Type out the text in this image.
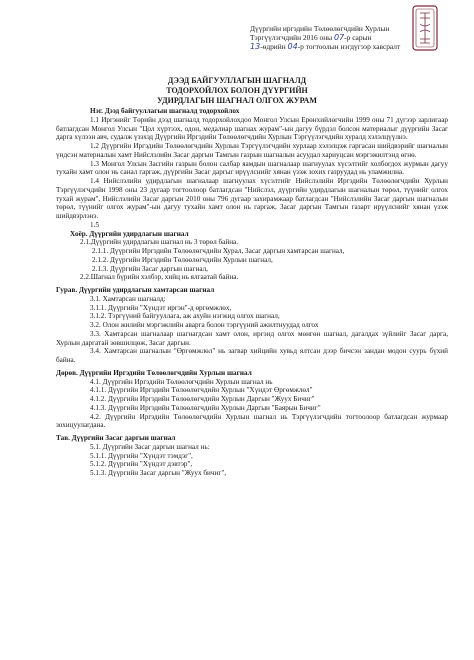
Дүүргийн иргэдийн Төлөөлөгчдийн Хурлын
Тэргүүлэгчдийн 2016 оны 07-р сарын
13-өдрийн 04-р тогтоолын нэгдүгээр хавсралт
ДЭЭД БАЙГУУЛЛАГЫН ШАГНАЛД
ТОДОРХОЙЛОХ БОЛОН ДҮҮРГИЙН
УДИРДЛАГЫН ШАГНАЛ ОЛГОХ ЖУРАМ

Нэг. Дээд байгууллагын шагналд тодорхойлох

1.1 Иргэнийг Төрийн дээд шагналд тодорхойлохдоо Монгол Улсын Ерөнхийлөгчийн 1999 оны 71 дүгээр зарлигаар батлагдсан Монгол Улсын "Цол хүртээх, одон, медалиар шагнах журам"-ын дагуу бүрдэл болсон материалыг дүүргийн Засаг дарга хүлээн авч, судалж үзэхэд Дүүргийн Иргэдийн Төлөөлөгчдийн Хурлын Тэргүүлэгчдийн хуралд хэлэлцүүлнэ.

1.2 Дүүргийн Иргэдийн Төлөөлөгчдийн Хурлын Тэргүүлэгчдийн хурлаар хэлэлцэж гаргасан шийдвэрийг шагналын үндсэн материалын хамт Нийслэлийн Засаг даргын Тамгын газрын шагналын асуудал хариуцсан мэргэжилтэнд өгнө.

1.3 Монгол Улсын Засгийн газрын болон салбар яамдын шагналаар шагнуулах хүсэлтийг холбогдох журмын дагуу тухайн хамт олон нь санал гаргаж, дүүргийн Засаг даргыг ирүүлснийг хянан үзэж зохих газруудад нь уламжилна.

1.4 Нийслэлийн удирдлагын шагналаар шагнуулах хүсэлтийг Нийслэлийн Иргэдийн Төлөөлөгчдийн Хурлын Тэргүүлэгчдийн 1998 оны 23 дугаар тогтоолоор батлагдсан "Нийслэл, дүүргийн удирдлагын шагналын төрөл, түүнийг олгох тухай журам", Нийслэлийн Засаг даргын 2010 оны 796 дугаар захирамжаар батлагдсан "Нийслэлийн Засаг даргын шагналын төрөл, түүнийг олгох журам"-ын дагуу тухайн хамт олон нь гаргаж, Засаг даргын Тамгын газарт ирүүлснийг хянан үзэж шийдвэрлэнэ.

1.5

Хоёр. Дүүргийн удирдлагын шагнал

2.1.Дүүргийн удирдлагын шагнал нь 3 төрөл байна.

2.1.1. Дүүргийн Иргэдийн Төлөөлөгчдийн Хурал, Засаг даргын хамтарсан шагнал,

2.1.2. Дүүргийн Иргэдийн Төлөөлөгчдийн Хурлын шагнал,

2.1.3. Дүүргийн Засаг даргын шагнал,

2.2.Шагнал бүрийн хэлбэр, хийц нь ялгаатай байна.

Гурав. Дүүргийн удирдлагын хамтарсан шагнал

3.1. Хамтарсан шагналд:

3.1.1. Дүүргийн "Хүндэт иргэн"-д өргөмжлөх,

3.1.2. Тэргүүний байгууллага, аж ахуйн нэгжид олгох шагнал,

3.2. Олон жилийн мэргэжлийн аварга болон тэргүүний ажилтнуудад олгох

3.3. Хамтарсан шагналаар шагнагдсан хамт олон, иргэнд олгох мөнгөн шагнал, дагалдах зүйлийг Засаг дарга, Хурлын даргатай зөвшилцөж, Засаг даргын.

3.4. Хамтарсан шагналын "Өргөмжлөл" нь загвар хийцийн хувьд ялтсан дээр бичсэн зандан модон суурь бүхий байна.

Дөрөв. Дүүргийн Иргэдийн Төлөөлөгчдийн Хурлын шагнал

4.1. Дүүргийн Иргэдийн Төлөөлөгчдийн Хурлын шагнал нь

4.1.1. Дүүргийн Иргэдийн Төлөөлөгчдийн Хурлын "Хүндэт Өргөмжлөл"

4.1.2. Дүүргийн Иргэдийн Төлөөлөгчдийн Хурлын Даргын "Жуух Бичиг"

4.1.3. Дүүргийн Иргэдийн Төлөөлөгчдийн Хурлын Даргын "Баярын Бичиг"

4.2. Дүүргийн Иргэдийн Төлөөлөгчдийн Хурлын шагнал нь Тэргүүлэгчдийн тогтоолоор батлагдсан журмаар зохицуулагдана.

Тав. Дүүргийн Засаг даргын шагнал

5.1. Дүүргийн Засаг даргын шагнал нь:

5.1.1. Дүүргийн "Хүндэт тэмдэг",

5.1.2. Дүүргийн "Хүндэт дэвтэр",

5.1.3. Дүүргийн Засаг даргын "Жуух бичиг",
